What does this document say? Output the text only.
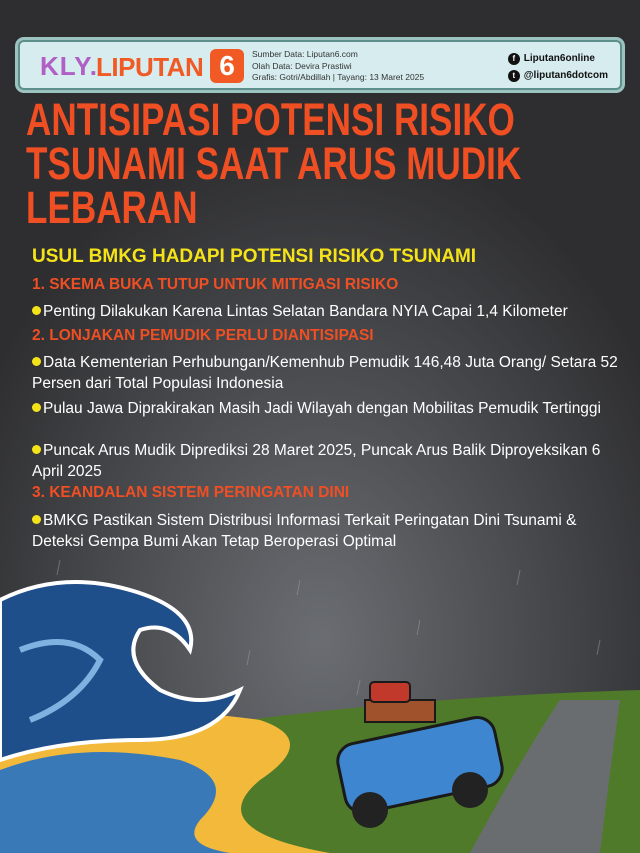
KLY.
LIPUTAN 6	Sumber Data: Liputan6.com
Olah Data: Devira Prastiwi
Grafis: Gotri/Abdillah | Tayang: 13 Maret 2025
f Liputan6online
t @liputan6dotcom
ANTISIPASI POTENSI RISIKO
TSUNAMI SAAT ARUS MUDIK
LEBARAN
USUL BMKG HADAPI POTENSI RISIKO TSUNAMI
1. SKEMA BUKA TUTUP UNTUK MITIGASI RISIKO
Penting Dilakukan Karena Lintas Selatan Bandara NYIA Capai 1,4 Kilometer
2. LONJAKAN PEMUDIK PERLU DIANTISIPASI
Data Kementerian Perhubungan/Kemenhub Pemudik 146,48 Juta Orang/ Setara 52 Persen dari Total Populasi Indonesia
Pulau Jawa Diprakirakan Masih Jadi Wilayah dengan Mobilitas Pemudik Tertinggi
Puncak Arus Mudik Diprediksi 28 Maret 2025, Puncak Arus Balik Diproyeksikan 6 April 2025
3. KEANDALAN SISTEM PERINGATAN DINI
BMKG Pastikan Sistem Distribusi Informasi Terkait Peringatan Dini Tsunami & Deteksi Gempa Bumi Akan Tetap Beroperasi Optimal
